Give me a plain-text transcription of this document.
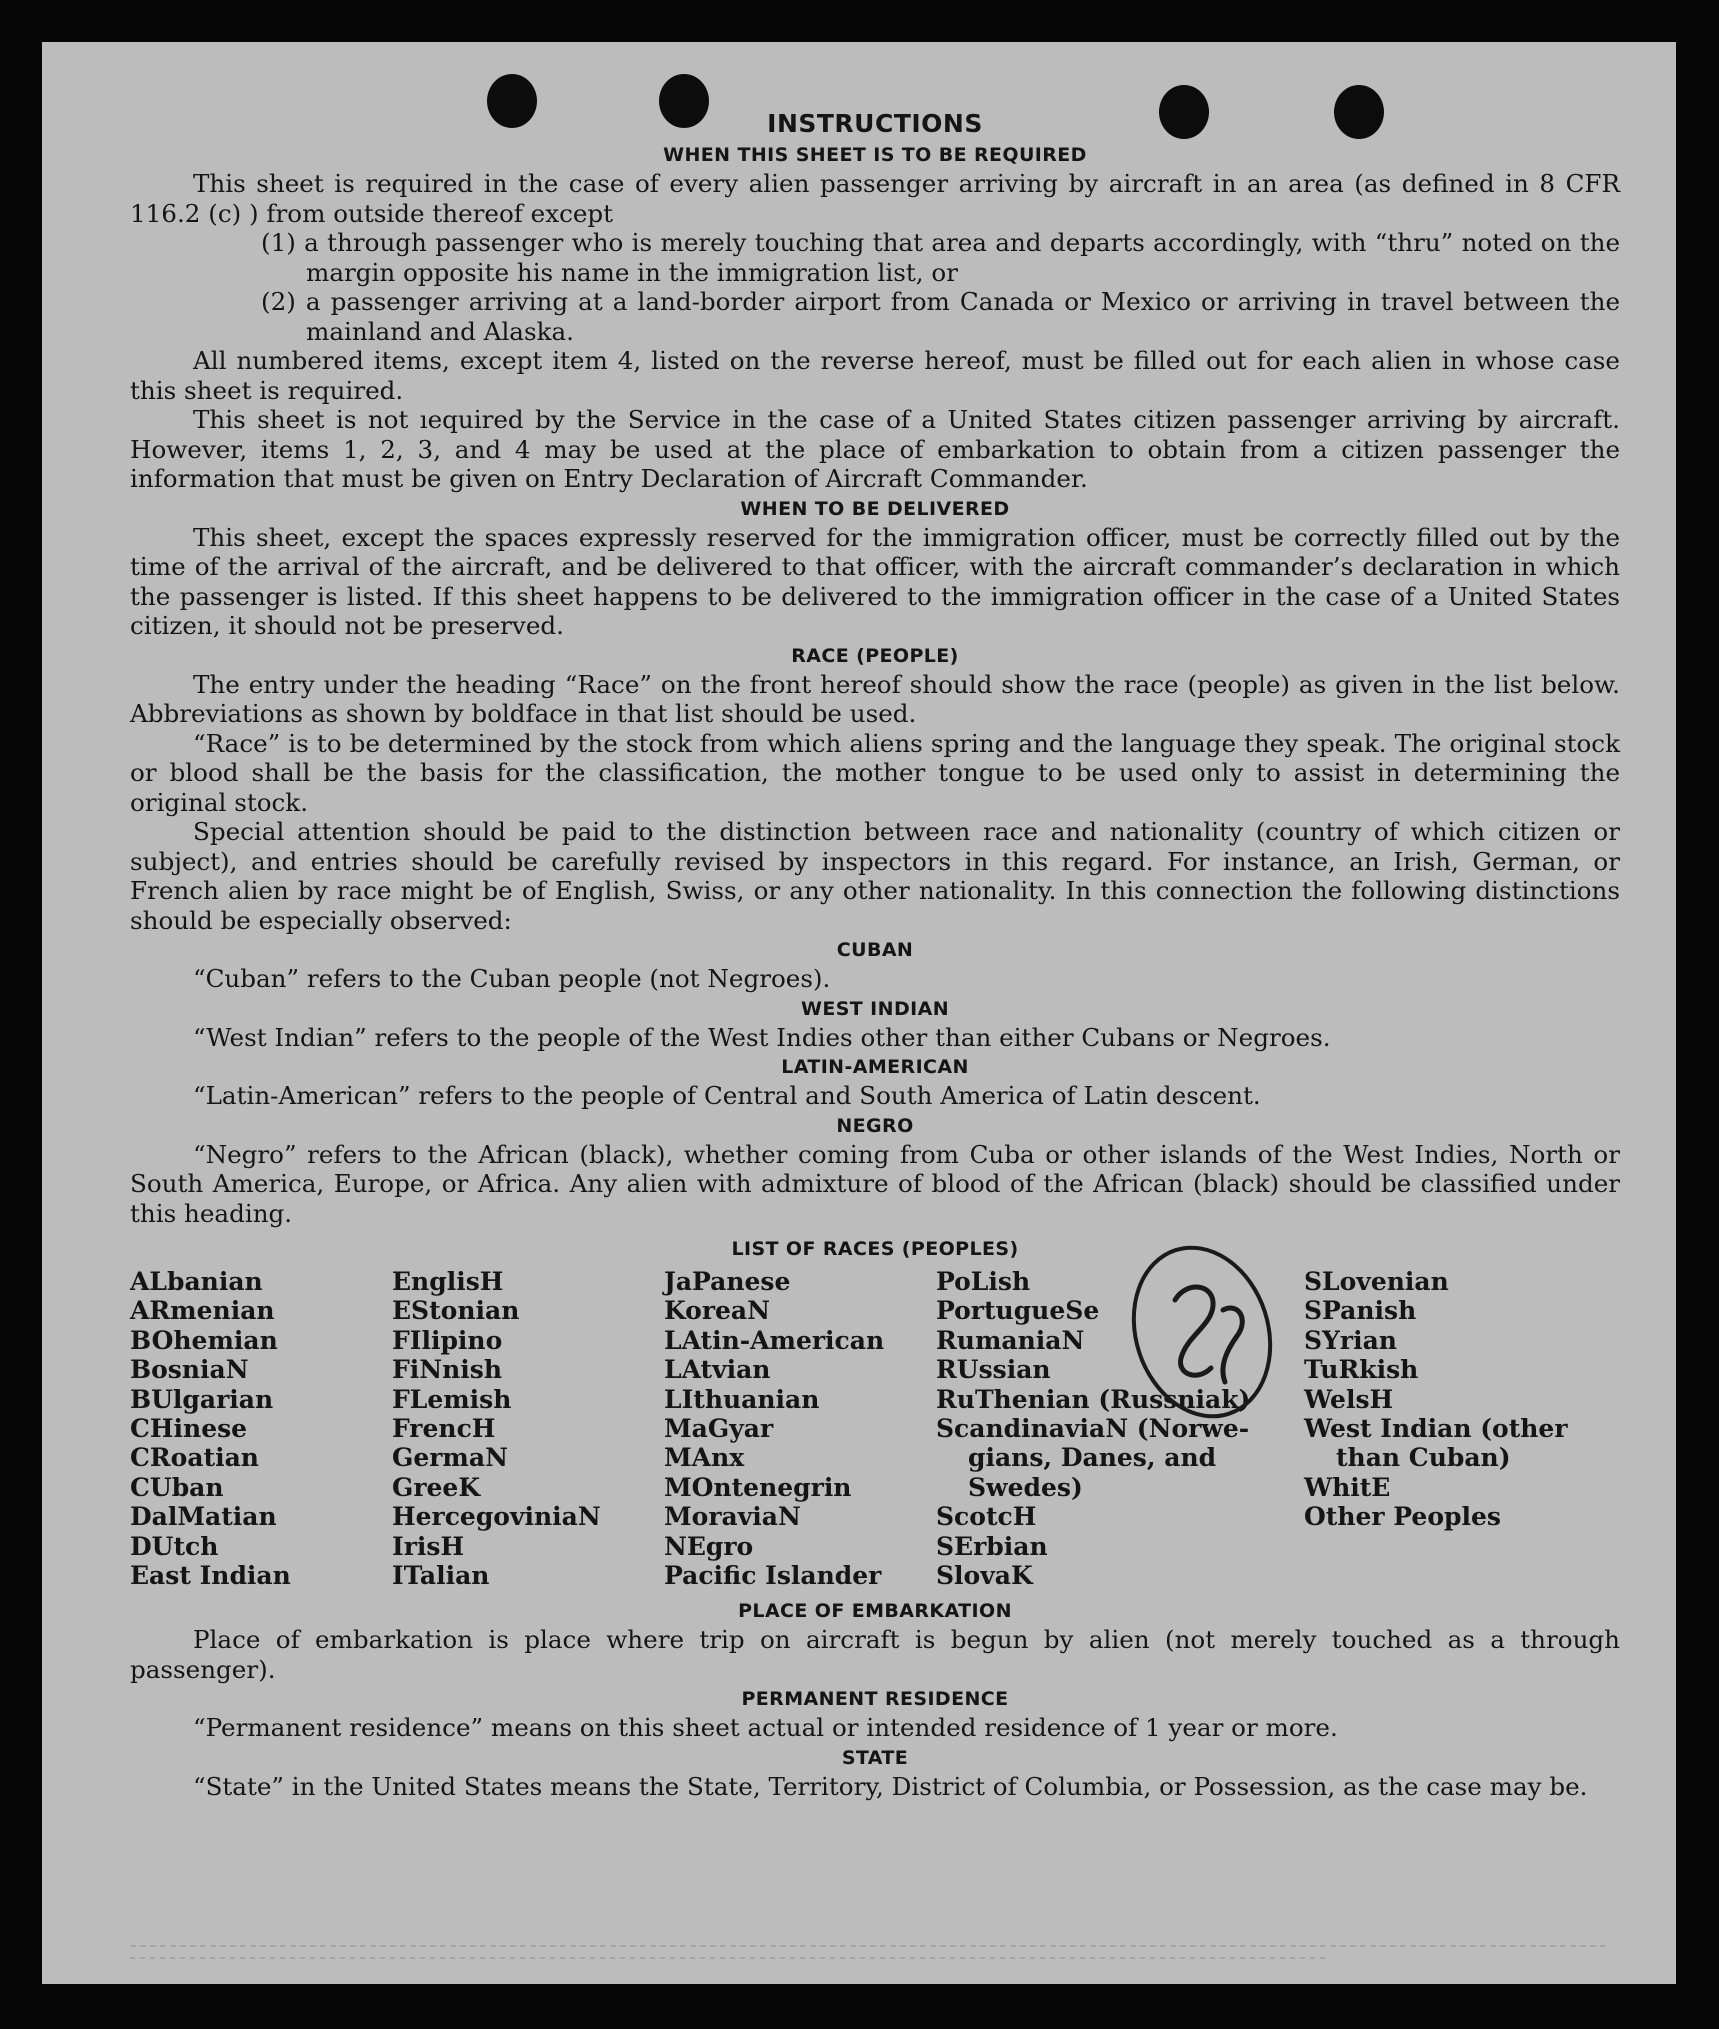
INSTRUCTIONS
WHEN THIS SHEET IS TO BE REQUIRED

This sheet is required in the case of every alien passenger arriving by aircraft in an area (as defined in 8 CFR 116.2 (c) ) from outside thereof except

(1) a through passenger who is merely touching that area and departs accordingly, with “thru” noted on the margin opposite his name in the immigration list, or

(2) a passenger arriving at a land-border airport from Canada or Mexico or arriving in travel between the mainland and Alaska.

All numbered items, except item 4, listed on the reverse hereof, must be filled out for each alien in whose case this sheet is required.

This sheet is not ıequired by the Service in the case of a United States citizen passenger arriving by aircraft. However, items 1, 2, 3, and 4 may be used at the place of embarkation to obtain from a citizen passenger the information that must be given on Entry Declaration of Aircraft Commander.

WHEN TO BE DELIVERED

This sheet, except the spaces expressly reserved for the immigration officer, must be correctly filled out by the time of the arrival of the aircraft, and be delivered to that officer, with the aircraft commander’s declaration in which the passenger is listed. If this sheet happens to be delivered to the immigration officer in the case of a United States citizen, it should not be preserved.

RACE (PEOPLE)

The entry under the heading “Race” on the front hereof should show the race (people) as given in the list below. Abbreviations as shown by boldface in that list should be used.

“Race” is to be determined by the stock from which aliens spring and the language they speak. The original stock or blood shall be the basis for the classification, the mother tongue to be used only to assist in determining the original stock.

Special attention should be paid to the distinction between race and nationality (country of which citizen or subject), and entries should be carefully revised by inspectors in this regard. For instance, an Irish, German, or French alien by race might be of English, Swiss, or any other nationality. In this connection the following distinctions should be especially observed:

CUBAN

“Cuban” refers to the Cuban people (not Negroes).

WEST INDIAN

“West Indian” refers to the people of the West Indies other than either Cubans or Negroes.

LATIN-AMERICAN

“Latin-American” refers to the people of Central and South America of Latin descent.

NEGRO

“Negro” refers to the African (black), whether coming from Cuba or other islands of the West Indies, North or South America, Europe, or Africa. Any alien with admixture of blood of the African (black) should be classified under this heading.

LIST OF RACES (PEOPLES)
ALbanian
ARmenian
BOhemian
BosniaN
BUlgarian
CHinese
CRoatian
CUban
DalMatian
DUtch
East Indian
EnglisH
EStonian
FIlipino
FiNnish
FLemish
FrencH
GermaN
GreeK
HercegovinіaN
IrisH
ITalian
JaPanese
KoreaN
LAtin-American
LAtvian
LIthuanian
MaGyar
MAnx
MOntenegrin
MoraviaN
NEgro
Pacific Islander
PoLish
PortugueSe
RumaniaN
RUssian
RuThenian (Russniak)
ScandinaviaN (Norwe-
gians, Danes, and
Swedes)
ScotcH
SErbian
SlovaK
SLovenian
SPanish
SYrian
TuRkish
WelsH
West Indian (other
than Cuban)
WhitE
Other Peoples
PLACE OF EMBARKATION

Place of embarkation is place where trip on aircraft is begun by alien (not merely touched as a through passenger).

PERMANENT RESIDENCE

“Permanent residence” means on this sheet actual or intended residence of 1 year or more.

STATE

“State” in the United States means the State, Territory, District of Columbia, or Possession, as the case may be.
